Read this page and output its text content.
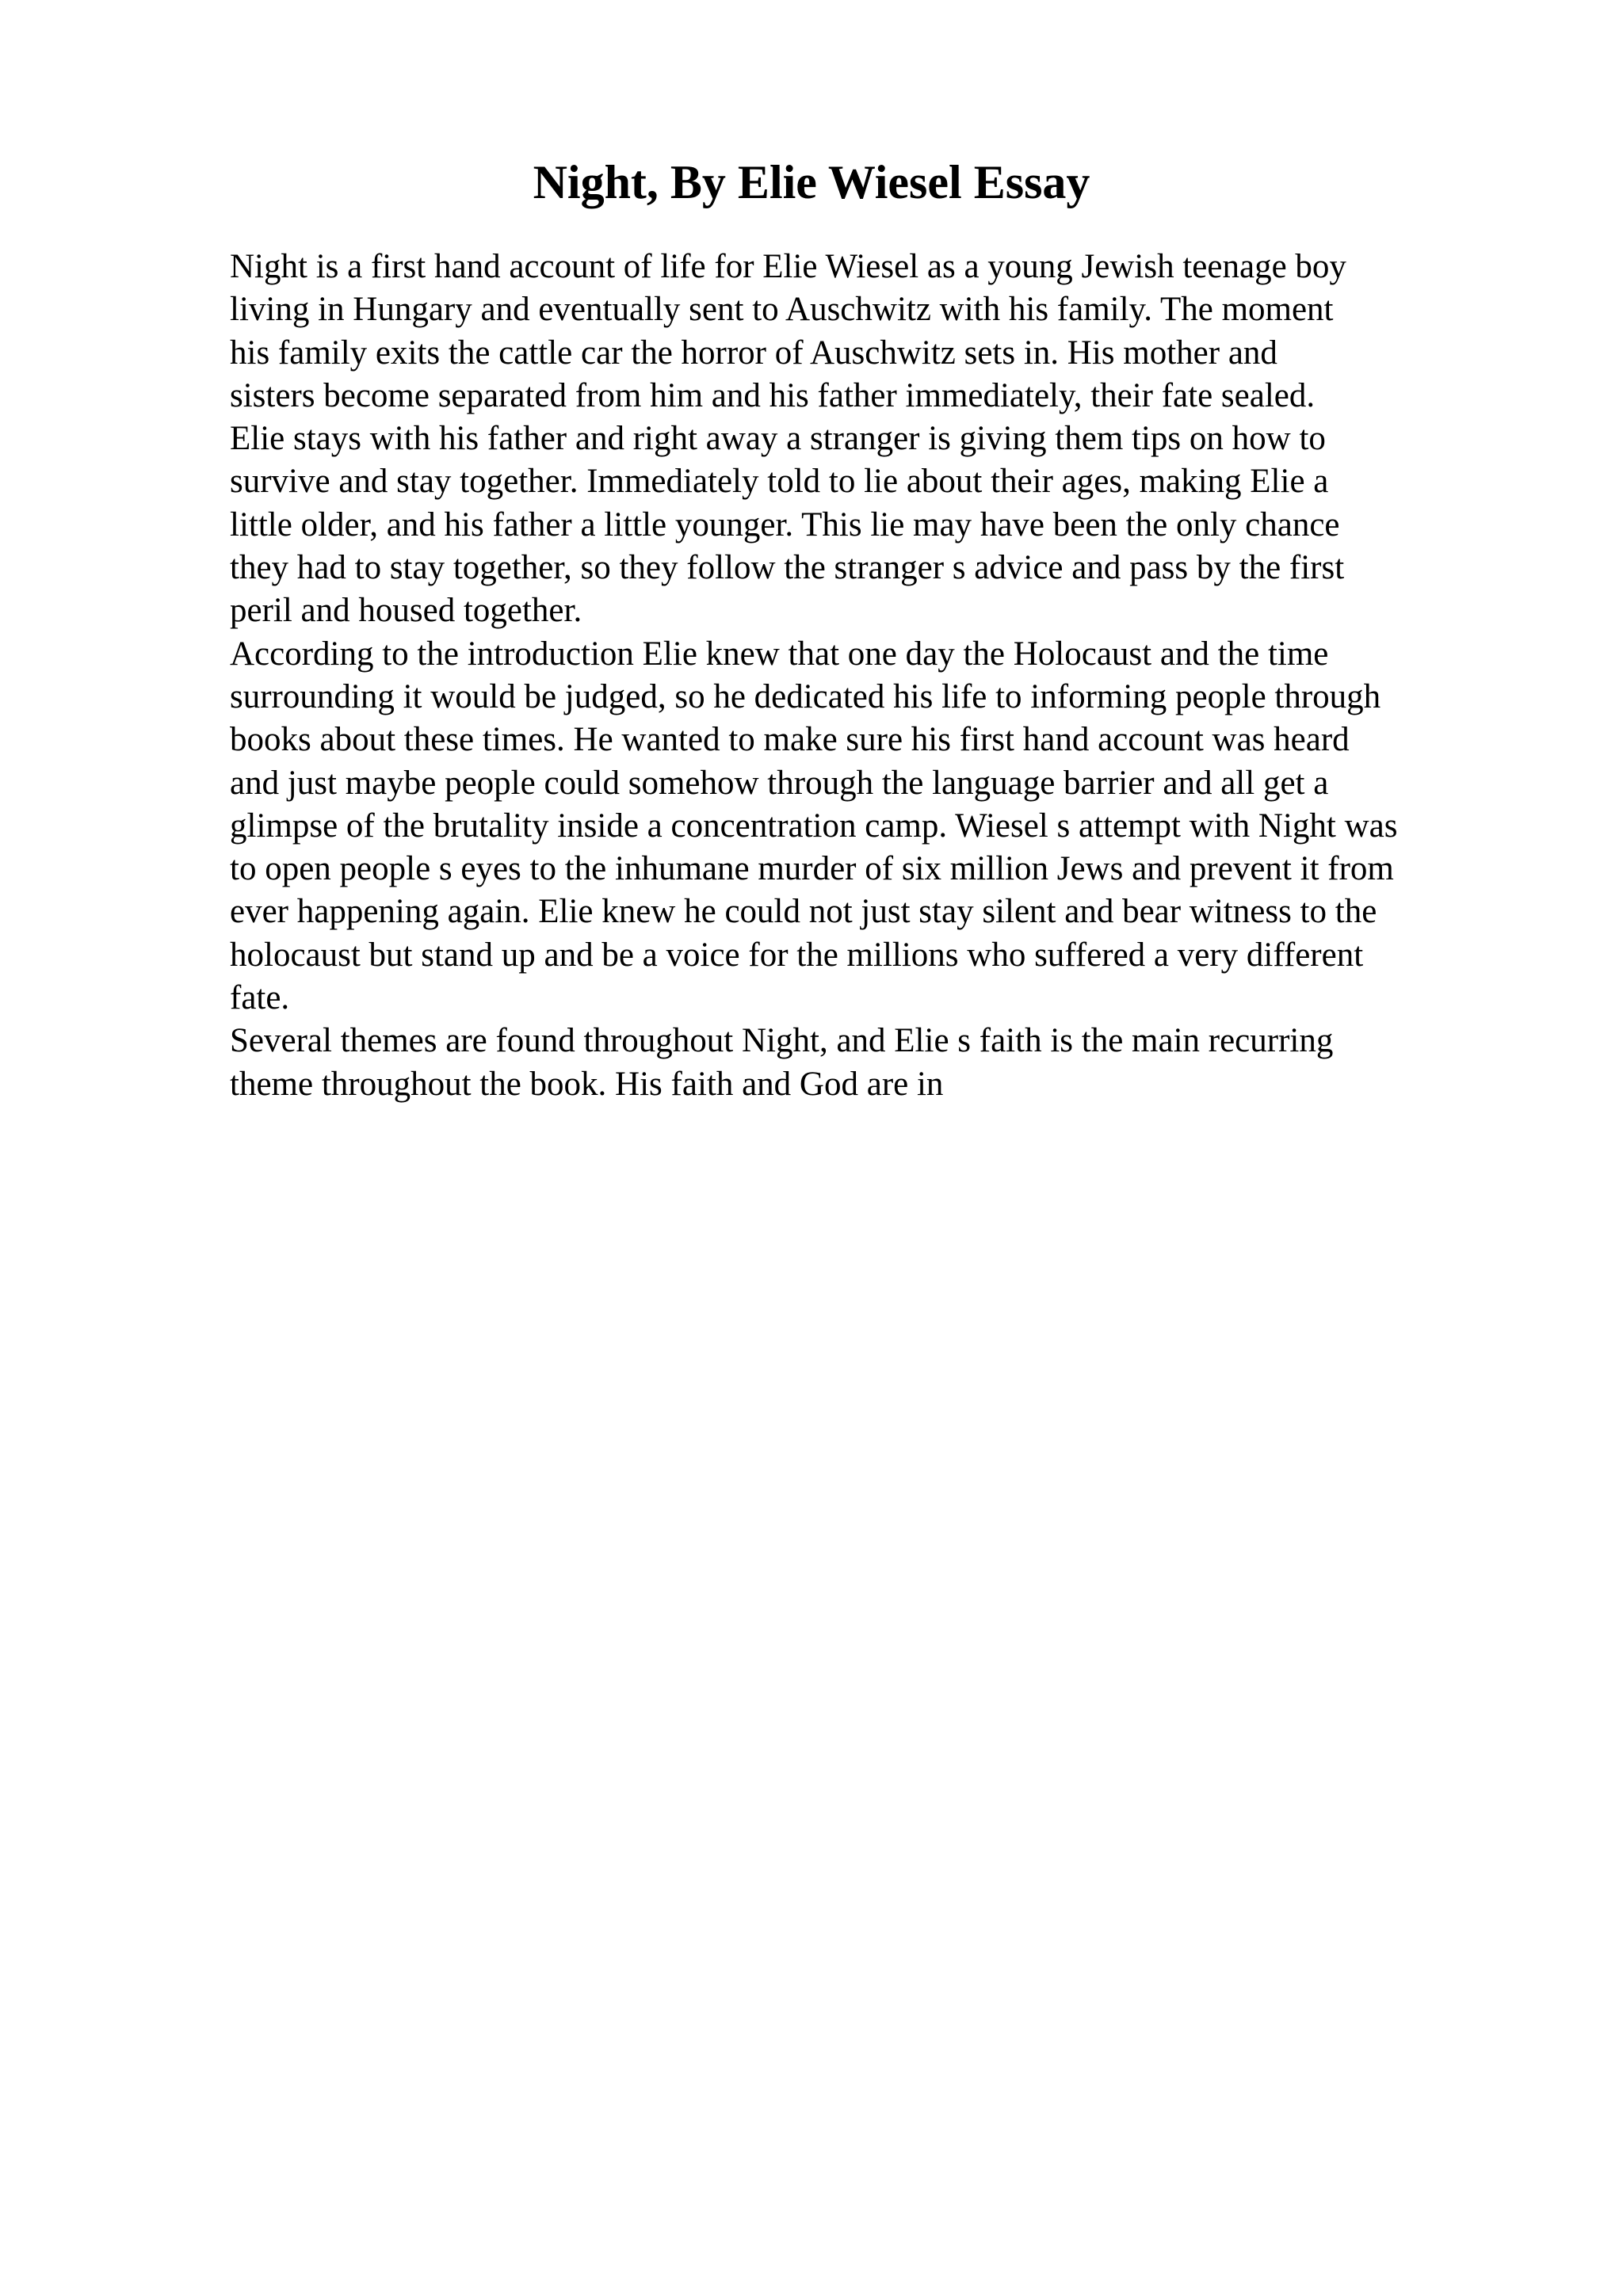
Night, By Elie Wiesel Essay
Night is a first hand account of life for Elie Wiesel as a young Jewish teenage boy
living in Hungary and eventually sent to Auschwitz with his family. The moment
his family exits the cattle car the horror of Auschwitz sets in. His mother and
sisters become separated from him and his father immediately, their fate sealed.
Elie stays with his father and right away a stranger is giving them tips on how to
survive and stay together. Immediately told to lie about their ages, making Elie a
little older, and his father a little younger. This lie may have been the only chance
they had to stay together, so they follow the stranger s advice and pass by the first
peril and housed together.
According to the introduction Elie knew that one day the Holocaust and the time
surrounding it would be judged, so he dedicated his life to informing people through
books about these times. He wanted to make sure his first hand account was heard
and just maybe people could somehow through the language barrier and all get a
glimpse of the brutality inside a concentration camp. Wiesel s attempt with Night was
to open people s eyes to the inhumane murder of six million Jews and prevent it from
ever happening again. Elie knew he could not just stay silent and bear witness to the
holocaust but stand up and be a voice for the millions who suffered a very different
fate.
Several themes are found throughout Night, and Elie s faith is the main recurring
theme throughout the book. His faith and God are in
